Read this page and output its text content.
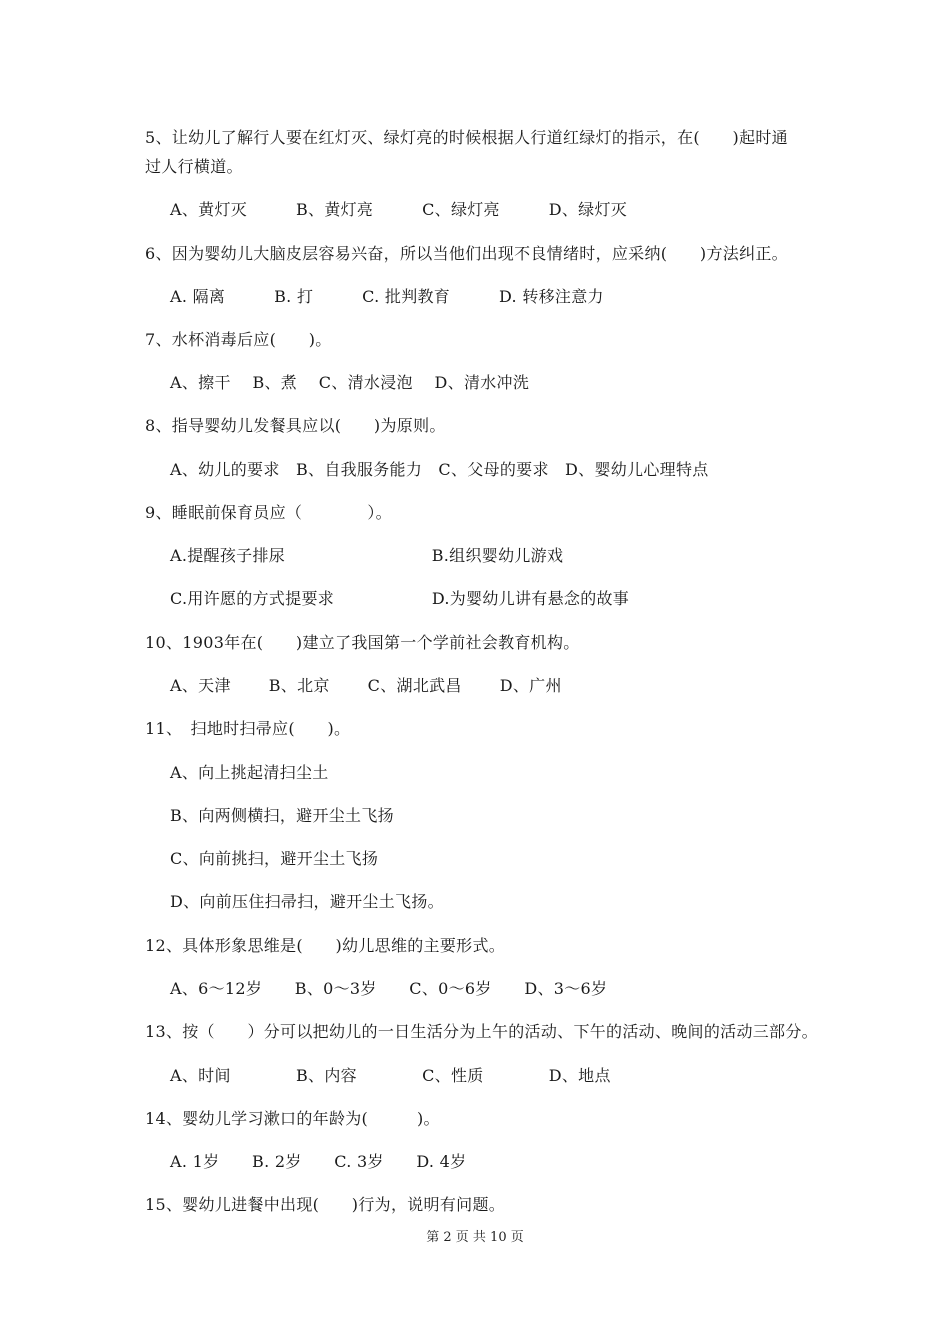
5、让幼儿了解行人要在红灯灭、绿灯亮的时候根据人行道红绿灯的指示，在(　　)起时通
过人行横道。
A、黄灯灭　　　B、黄灯亮　　　C、绿灯亮　　　D、绿灯灭
6、因为婴幼儿大脑皮层容易兴奋，所以当他们出现不良情绪时，应采纳(　　)方法纠正。
A. 隔离　　　B. 打　　　C. 批判教育　　　D. 转移注意力
7、水杯消毒后应(　　)。
A、擦干　 B、煮　 C、清水浸泡　 D、清水冲洗
8、指导婴幼儿发餐具应以(　　)为原则。
A、幼儿的要求　B、自我服务能力　C、父母的要求　D、婴幼儿心理特点
9、睡眠前保育员应（　　　　）。
A.提醒孩子排尿　　　　　　　　　B.组织婴幼儿游戏
C.用许愿的方式提要求　　　　　　D.为婴幼儿讲有悬念的故事
10、1903年在(　　)建立了我国第一个学前社会教育机构。
A、天津　　 B、北京　　 C、湖北武昌　　 D、广州
11、　扫地时扫帚应(　　)。
A、向上挑起清扫尘土
B、向两侧横扫，避开尘土飞扬
C、向前挑扫，避开尘土飞扬
D、向前压住扫帚扫，避开尘土飞扬。
12、具体形象思维是(　　)幼儿思维的主要形式。
A、6～12岁　　B、0～3岁　　C、0～6岁　　D、3～6岁
13、按（　　）分可以把幼儿的一日生活分为上午的活动、下午的活动、晚间的活动三部分。
A、时间　　　　B、内容　　　　C、性质　　　　D、地点
14、婴幼儿学习漱口的年龄为(　　　)。
A. 1岁　　B. 2岁　　C. 3岁　　D. 4岁
15、婴幼儿进餐中出现(　　)行为，说明有问题。
第 2 页 共 10 页
